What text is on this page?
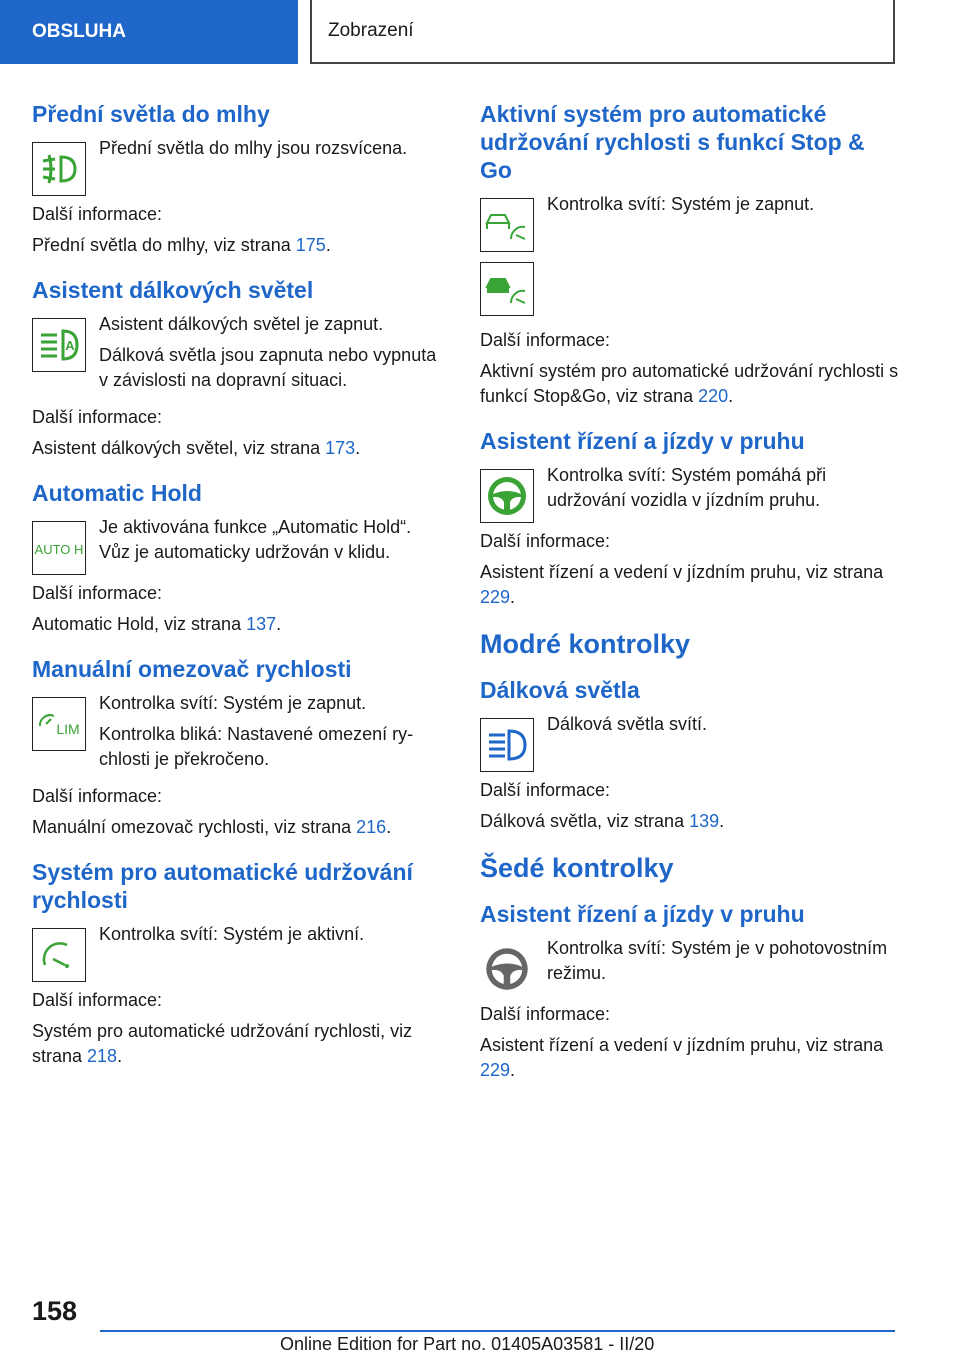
OBSLUHA	Zobrazení
Přední světla do mlhy

Přední světla do mlhy jsou rozsvícena.

Další informace:

Přední světla do mlhy, viz strana 175.

Asistent dálkových světel
A

Asistent dálkových světel je zapnut.

Dálková světla jsou zapnuta nebo vypnuta v závislosti na dopravní situaci.

Další informace:

Asistent dálkových světel, viz strana 173.

Automatic Hold
AUTO H

Je aktivována funkce „Automatic Hold“. Vůz je automaticky udržován v klidu.

Další informace:

Automatic Hold, viz strana 137.

Manuální omezovač rychlosti
LIM

Kontrolka svítí: Systém je zapnut.

Kontrolka bliká: Nastavené omezení rychlosti je překročeno.

Další informace:

Manuální omezovač rychlosti, viz strana 216.

Systém pro automatické udržování rychlosti

Kontrolka svítí: Systém je aktivní.

Další informace:

Systém pro automatické udržování rychlosti, viz strana 218.

Aktivní systém pro automatické udržování rychlosti s funkcí Stop & Go

Kontrolka svítí: Systém je zapnut.

Další informace:

Aktivní systém pro automatické udržování rychlosti s funkcí Stop&Go, viz strana 220.

Asistent řízení a jízdy v pruhu

Kontrolka svítí: Systém pomáhá při udržování vozidla v jízdním pruhu.

Další informace:

Asistent řízení a vedení v jízdním pruhu, viz strana 229.

Modré kontrolky
Dálková světla

Dálková světla svítí.

Další informace:

Dálková světla, viz strana 139.

Šedé kontrolky
Asistent řízení a jízdy v pruhu

Kontrolka svítí: Systém je v pohotovostním režimu.

Další informace:

Asistent řízení a vedení v jízdním pruhu, viz strana 229.

158
Online Edition for Part no. 01405A03581 - II/20
